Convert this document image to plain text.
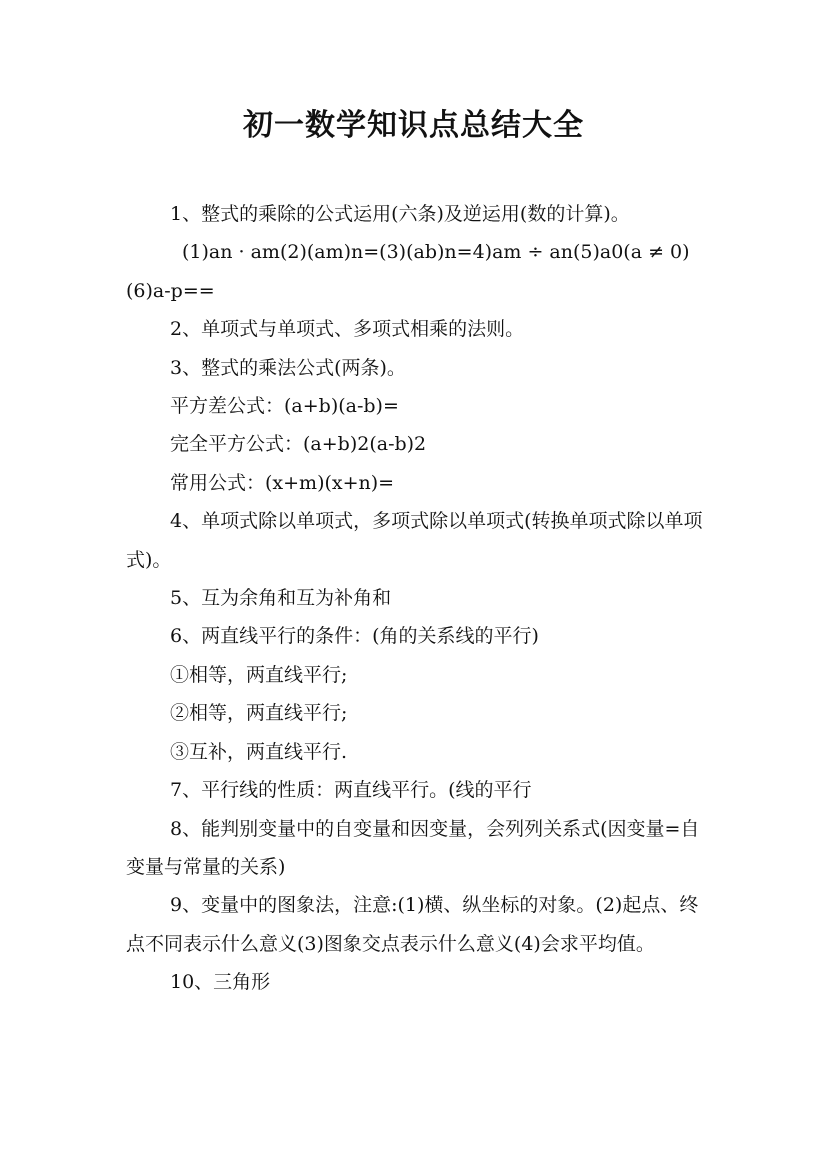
初一数学知识点总结大全

1、整式的乘除的公式运用(六条)及逆运用(数的计算)。

(1)an · am(2)(am)n=(3)(ab)n=4)am ÷ an(5)a0(a ≠ 0)(6)a-p==

2、单项式与单项式、多项式相乘的法则。

3、整式的乘法公式(两条)。

平方差公式：(a+b)(a-b)=

完全平方公式：(a+b)2(a-b)2

常用公式：(x+m)(x+n)=

4、单项式除以单项式，多项式除以单项式(转换单项式除以单项式)。

5、互为余角和互为补角和

6、两直线平行的条件：(角的关系线的平行)

①相等，两直线平行;

②相等，两直线平行;

③互补，两直线平行.

7、平行线的性质：两直线平行。(线的平行

8、能判别变量中的自变量和因变量，会列列关系式(因变量=自变量与常量的关系)

9、变量中的图象法，注意:(1)横、纵坐标的对象。(2)起点、终点不同表示什么意义(3)图象交点表示什么意义(4)会求平均值。

10、三角形
